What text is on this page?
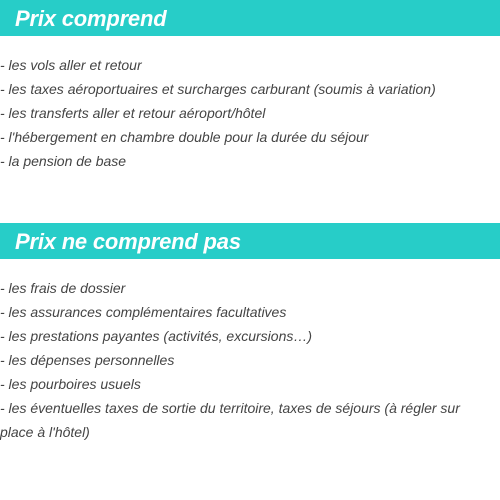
Prix comprend
- les vols aller et retour
- les taxes aéroportuaires et surcharges carburant (soumis à variation)
- les transferts aller et retour aéroport/hôtel
- l'hébergement en chambre double pour la durée du séjour
- la pension de base
Prix ne comprend pas
- les frais de dossier
- les assurances complémentaires facultatives
- les prestations payantes (activités, excursions…)
- les dépenses personnelles
- les pourboires usuels
- les éventuelles taxes de sortie du territoire, taxes de séjours (à régler sur place à l'hôtel)
